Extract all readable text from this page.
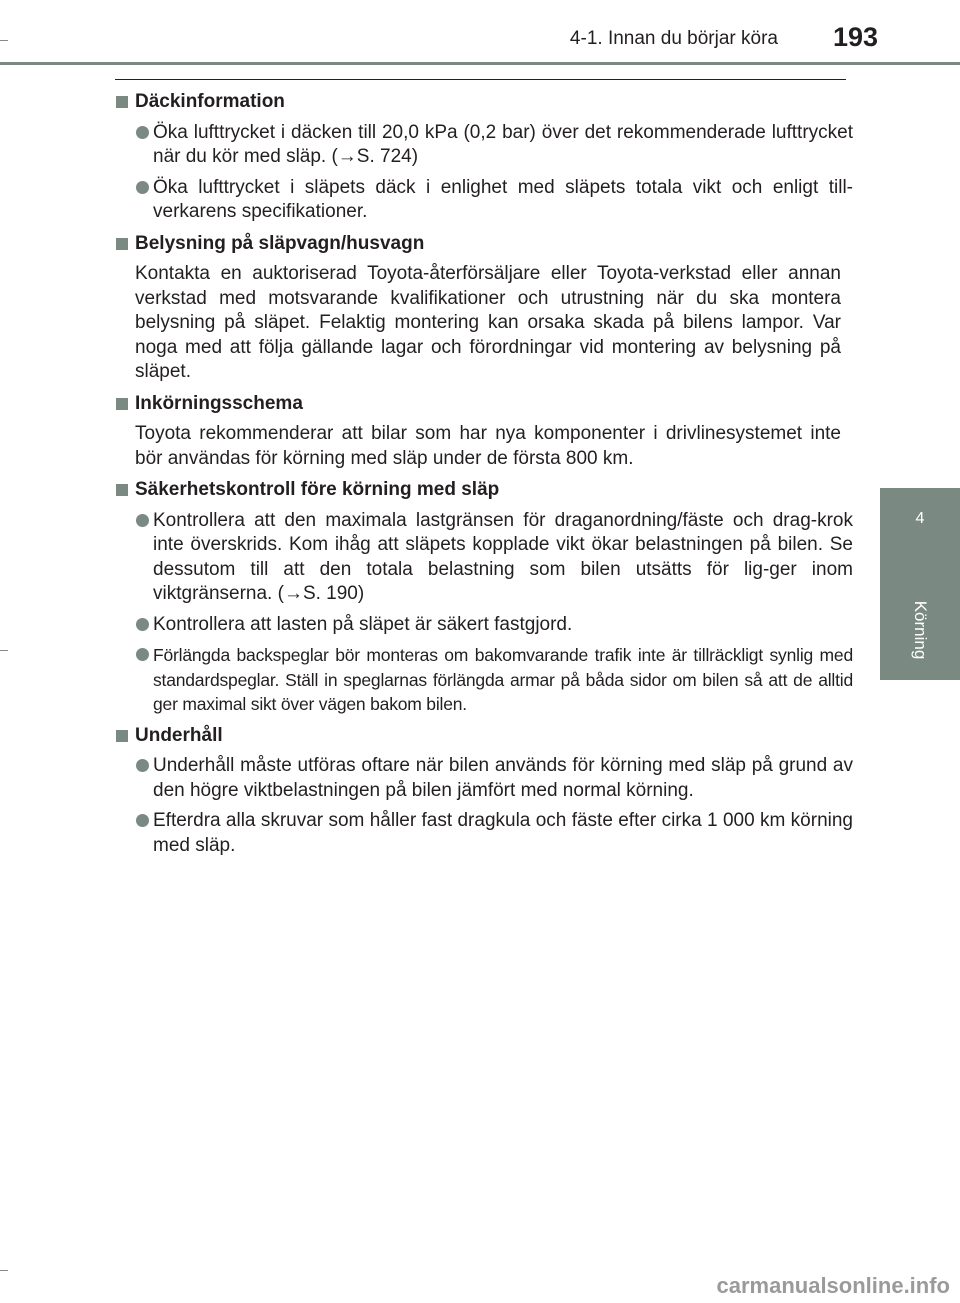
4-1. Innan du börjar köra 193
4
Körning
Däckinformation
Öka lufttrycket i däcken till 20,0 kPa (0,2 bar) över det rekommenderade lufttrycket när du kör med släp. (→S. 724)
Öka lufttrycket i släpets däck i enlighet med släpets totala vikt och enligt till-verkarens specifikationer.
Belysning på släpvagn/husvagn
Kontakta en auktoriserad Toyota-återförsäljare eller Toyota-verkstad eller annan verkstad med motsvarande kvalifikationer och utrustning när du ska montera belysning på släpet. Felaktig montering kan orsaka skada på bilens lampor. Var noga med att följa gällande lagar och förordningar vid montering av belysning på släpet.
Inkörningsschema
Toyota rekommenderar att bilar som har nya komponenter i drivlinesystemet inte bör användas för körning med släp under de första 800 km.
Säkerhetskontroll före körning med släp
Kontrollera att den maximala lastgränsen för draganordning/fäste och drag-krok inte överskrids. Kom ihåg att släpets kopplade vikt ökar belastningen på bilen. Se dessutom till att den totala belastning som bilen utsätts för lig-ger inom viktgränserna. (→S. 190)
Kontrollera att lasten på släpet är säkert fastgjord.
Förlängda backspeglar bör monteras om bakomvarande trafik inte är tillräckligt synlig med standardspeglar. Ställ in speglarnas förlängda armar på båda sidor om bilen så att de alltid ger maximal sikt över vägen bakom bilen.
Underhåll
Underhåll måste utföras oftare när bilen används för körning med släp på grund av den högre viktbelastningen på bilen jämfört med normal körning.
Efterdra alla skruvar som håller fast dragkula och fäste efter cirka 1 000 km körning med släp.
carmanualsonline.info
